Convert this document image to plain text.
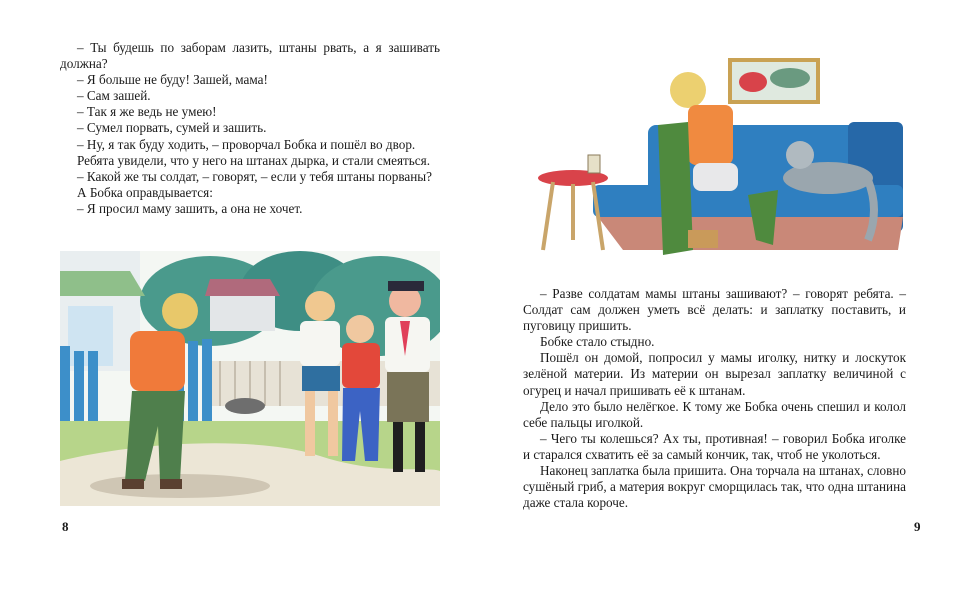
– Ты будешь по заборам лазить, штаны рвать, а я зашивать должна?

– Я больше не буду! Зашей, мама!

– Сам зашей.

– Так я же ведь не умею!

– Сумел порвать, сумей и зашить.

– Ну, я так буду ходить, – проворчал Бобка и пошёл во двор.

Ребята увидели, что у него на штанах дырка, и стали смеяться.

– Какой же ты солдат, – говорят, – если у тебя штаны порваны?

А Бобка оправдывается:

– Я просил маму зашить, а она не хочет.

8

– Разве солдатам мамы штаны зашивают? – говорят ребята. – Солдат сам должен уметь всё делать: и заплатку поставить, и пуговицу пришить.

Бобке стало стыдно.

Пошёл он домой, попросил у мамы иголку, нитку и лоскуток зелёной материи. Из материи он вырезал заплатку величиной с огурец и начал пришивать её к штанам.

Дело это было нелёгкое. К тому же Бобка очень спешил и колол себе пальцы иголкой.

– Чего ты колешься? Ах ты, противная! – говорил Бобка иголке и старался схватить её за самый кончик, так, чтоб не уколоться.

Наконец заплатка была пришита. Она торчала на штанах, словно сушёный гриб, а материя вокруг сморщилась так, что одна штанина даже стала короче.

9
